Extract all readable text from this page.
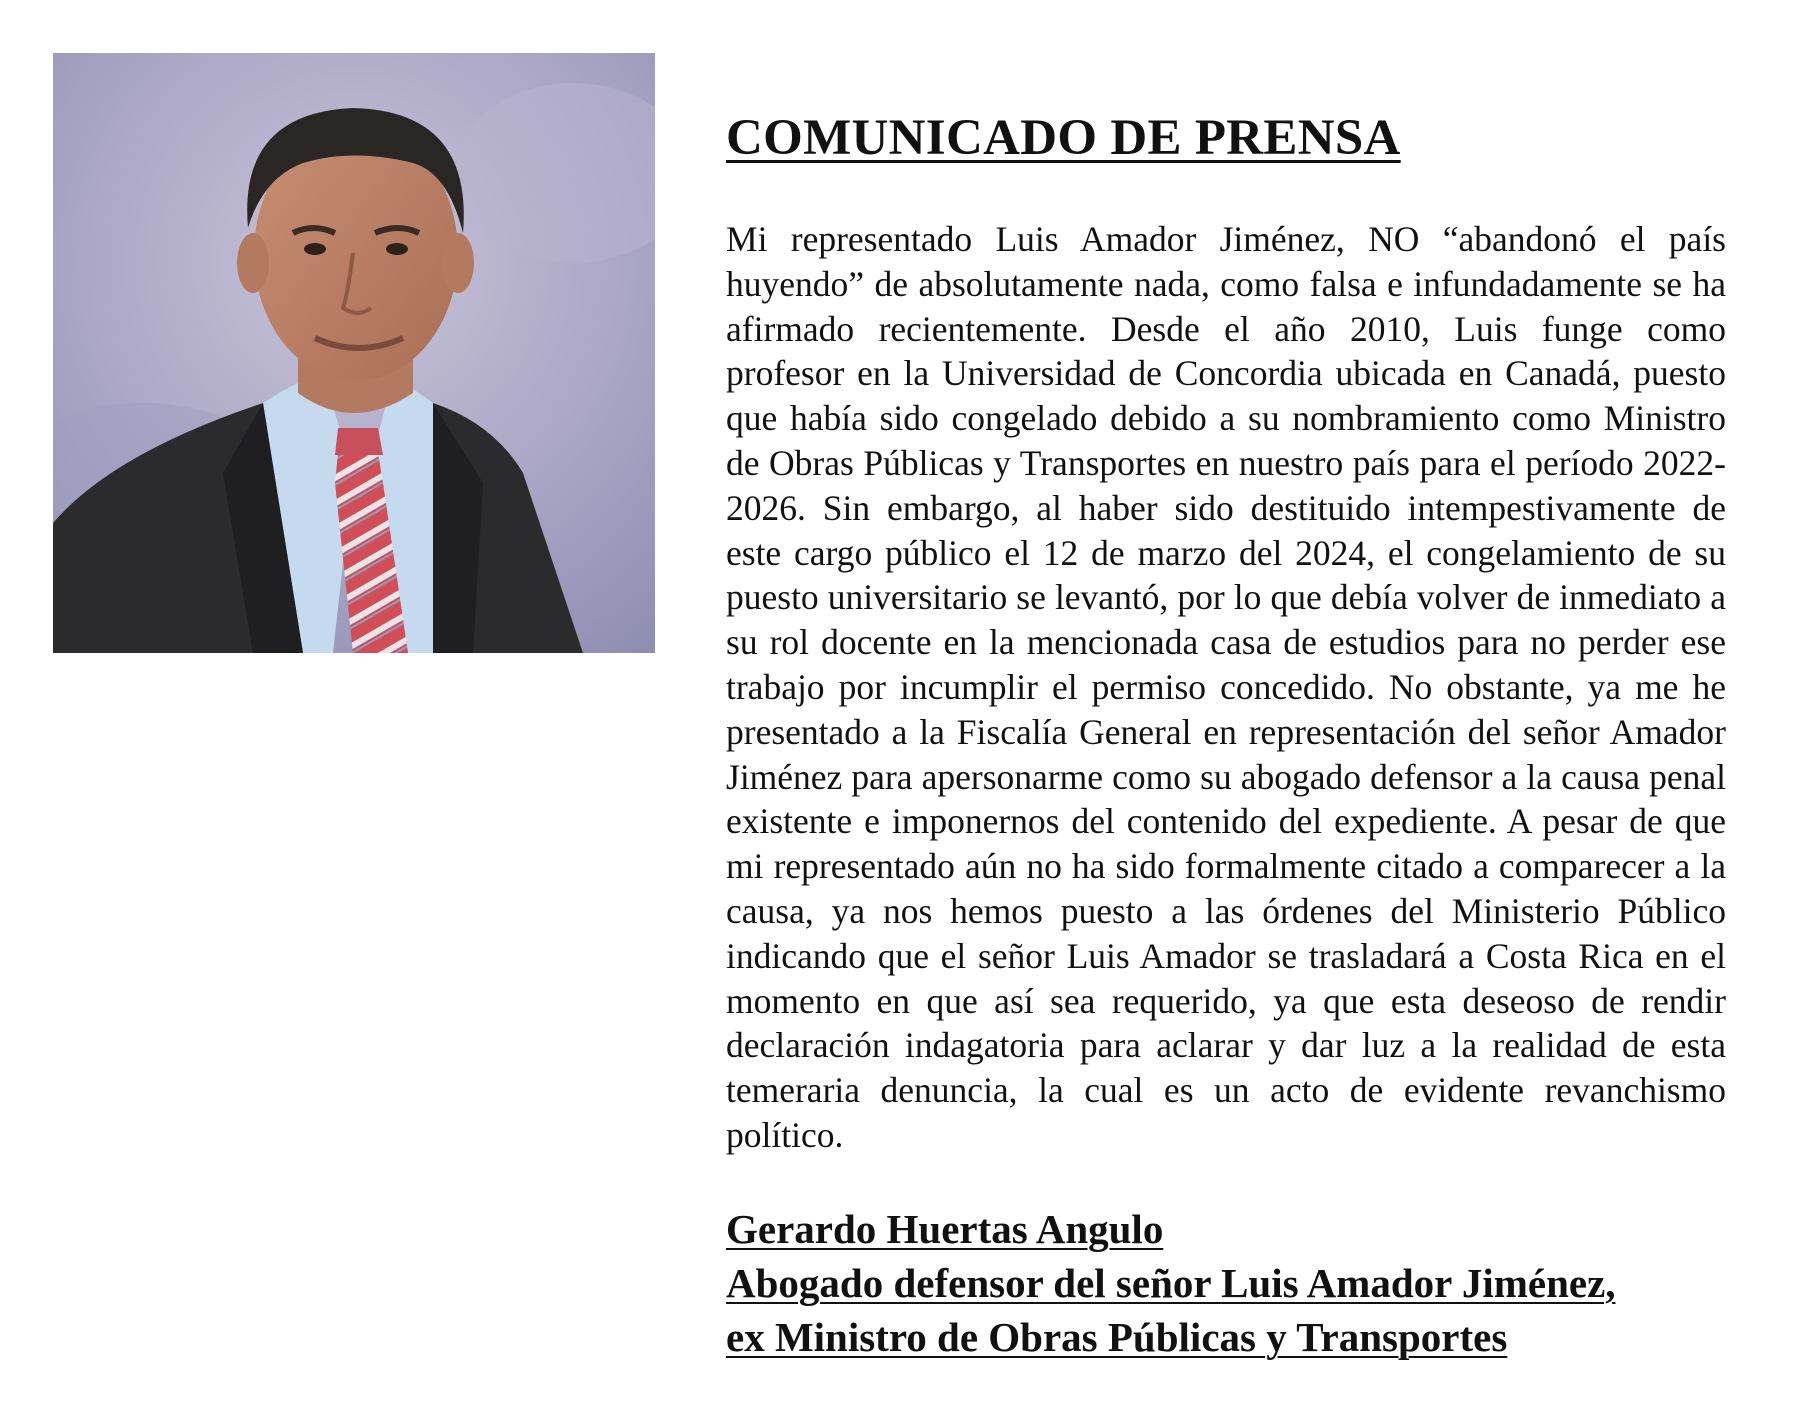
COMUNICADO DE PRENSA

Mi representado Luis Amador Jiménez, NO “abandonó el país huyendo” de absolutamente nada, como falsa e infundadamente se ha afirmado recientemente. Desde el año 2010, Luis funge como profesor en la Universidad de Concordia ubicada en Canadá, puesto que había sido congelado debido a su nombramiento como Ministro de Obras Públicas y Transportes en nuestro país para el período 2022-2026. Sin embargo, al haber sido destituido intempestivamente de este cargo público el 12 de marzo del 2024, el congelamiento de su puesto universitario se levantó, por lo que debía volver de inmediato a su rol docente en la mencionada casa de estudios para no perder ese trabajo por incumplir el permiso concedido. No obstante, ya me he presentado a la Fiscalía General en representación del señor Amador Jiménez para apersonarme como su abogado defensor a la causa penal existente e imponernos del contenido del expediente. A pesar de que mi representado aún no ha sido formalmente citado a comparecer a la causa, ya nos hemos puesto a las órdenes del Ministerio Público indicando que el señor Luis Amador se trasladará a Costa Rica en el momento en que así sea requerido, ya que esta deseoso de rendir declaración indagatoria para aclarar y dar luz a la realidad de esta temeraria denuncia, la cual es un acto de evidente revanchismo político.

Gerardo Huertas Angulo
Abogado defensor del señor Luis Amador Jiménez,
ex Ministro de Obras Públicas y Transportes
